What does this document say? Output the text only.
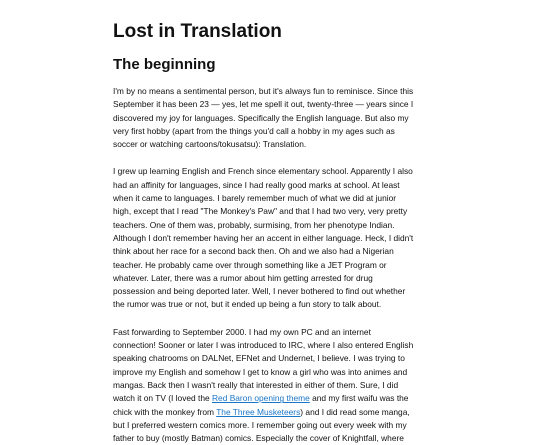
Lost in Translation
The beginning

I'm by no means a sentimental person, but it's always fun to reminisce. Since this
September it has been 23 — yes, let me spell it out, twenty-three — years since I
discovered my joy for languages. Specifically the English language. But also my
very first hobby (apart from the things you'd call a hobby in my ages such as
soccer or watching cartoons/tokusatsu): Translation.

I grew up learning English and French since elementary school. Apparently I also
had an affinity for languages, since I had really good marks at school. At least
when it came to languages. I barely remember much of what we did at junior
high, except that I read "The Monkey's Paw" and that I had two very, very pretty
teachers. One of them was, probably, surmising, from her phenotype Indian.
Although I don't remember having her an accent in either language. Heck, I didn't
think about her race for a second back then. Oh and we also had a Nigerian
teacher. He probably came over through something like a JET Program or
whatever. Later, there was a rumor about him getting arrested for drug
possession and being deported later. Well, I never bothered to find out whether
the rumor was true or not, but it ended up being a fun story to talk about.

Fast forwarding to September 2000. I had my own PC and an internet
connection! Sooner or later I was introduced to IRC, where I also entered English
speaking chatrooms on DALNet, EFNet and Undernet, I believe. I was trying to
improve my English and somehow I get to know a girl who was into animes and
mangas. Back then I wasn't really that interested in either of them. Sure, I did
watch it on TV (I loved the Red Baron opening theme and my first waifu was the
chick with the monkey from The Three Musketeers) and I did read some manga,
but I preferred western comics more. I remember going out every week with my
father to buy (mostly Batman) comics. Especially the cover of Knightfall, where
